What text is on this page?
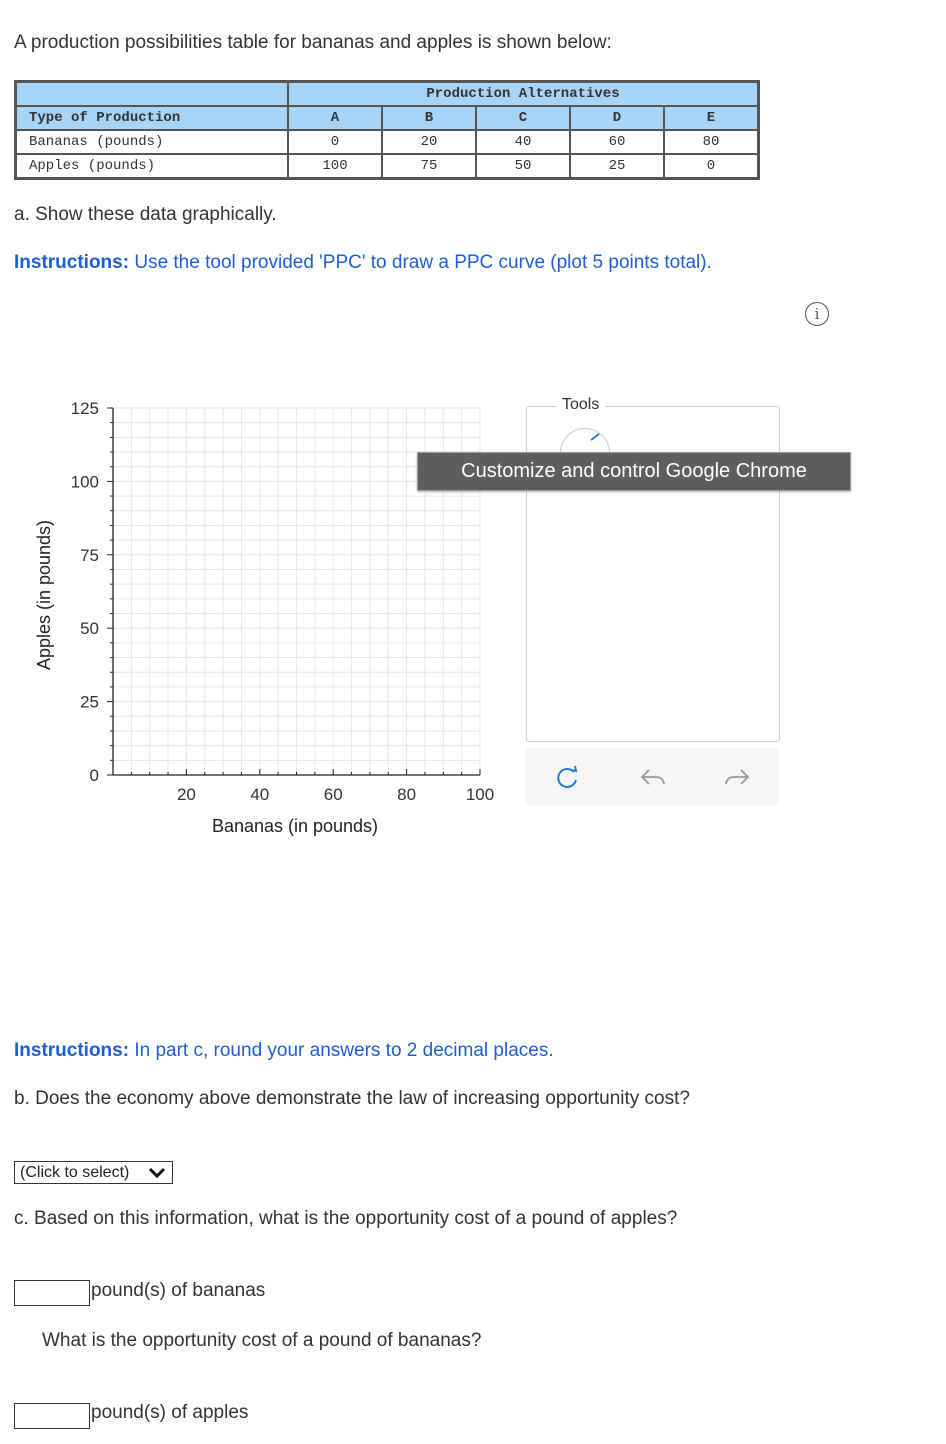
A production possibilities table for bananas and apples is shown below:
	Production Alternatives				
Type of Production	A	B	C	D	E
Bananas (pounds)	0	20	40	60	80
Apples (pounds)	100	75	50	25	0
a. Show these data graphically.
Instructions: Use the tool provided 'PPC' to draw a PPC curve (plot 5 points total).
i
0
25
50
75
100
125
20	40	60	80	100
Bananas (in pounds)
Apples (in pounds)
Tools
Customize and control Google Chrome
Instructions: In part c, round your answers to 2 decimal places.
b. Does the economy above demonstrate the law of increasing opportunity cost?
(Click to select)
c. Based on this information, what is the opportunity cost of a pound of apples?
pound(s) of bananas
What is the opportunity cost of a pound of bananas?
pound(s) of apples
